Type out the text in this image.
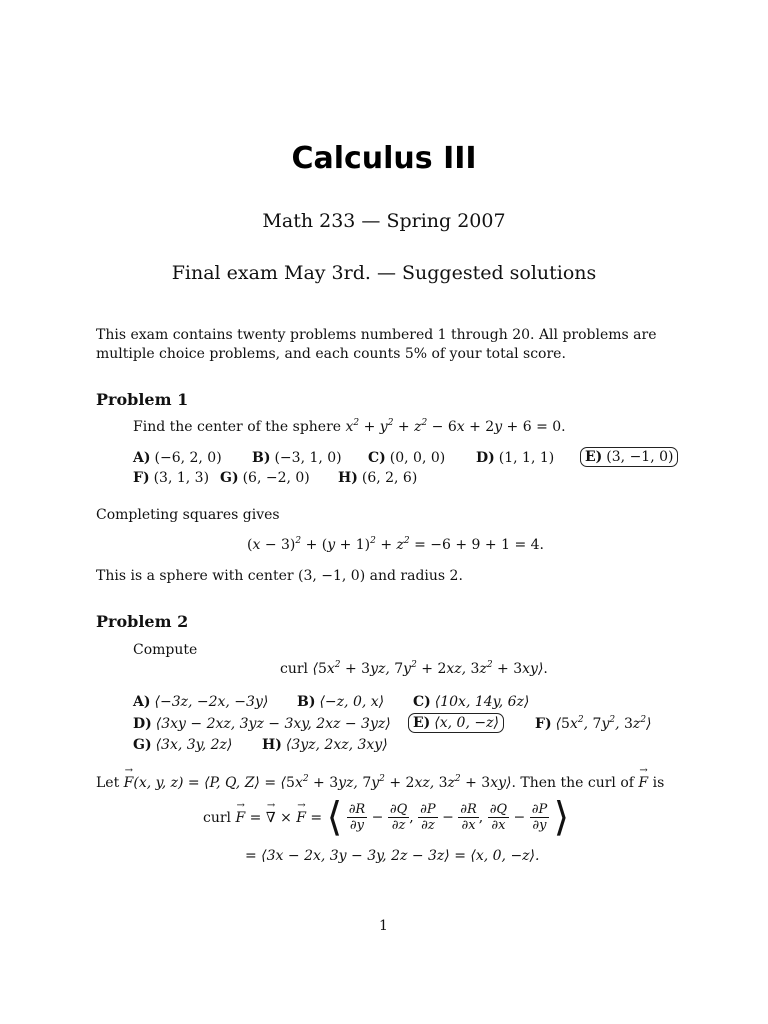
Calculus III
Math 233 — Spring 2007
Final exam May 3rd. — Suggested solutions
This exam contains twenty problems numbered 1 through 20. All problems are multiple choice problems, and each counts 5% of your total score.
Problem 1
Find the center of the sphere $x^2 + y^2 + z^2 - 6x + 2y + 6 = 0$.
A) (−6, 2, 0) B) (−3, 1, 0) C) (0, 0, 0) D) (1, 1, 1)	E) (3, −1, 0)
F) (3, 1, 3) G) (6, −2, 0) H) (6, 2, 6)
Completing squares gives
$(x - 3)^2 + (y + 1)^2 + z^2 = -6 + 9 + 1 = 4$.
This is a sphere with center (3, −1, 0) and radius 2.
Problem 2
Compute
curl $⟨5x^2 + 3yz$, $7y^2 + 2xz$, $3z^2$ + 3xy⟩.
A) ⟨−3z, −2x, −3y⟩ B) ⟨−z, 0, x⟩ C) ⟨10x, 14y, 6z⟩
D) ⟨3xy − 2xz, 3yz − 3xy, 2xz − 3yz⟩	E) ⟨x, 0, −z⟩	F) $⟨5x^2$, $7y^2$, $3z^2⟩$
G) ⟨3x, 3y, 2z⟩ H) ⟨3yz, 2xz, 3xy⟩
Let → F(x, y, z) = ⟨P, Q, Z⟩ = $⟨5x^2 + 3yz$, $7y^2 + 2xz$, $3z^2$ + 3xy⟩. Then the curl of → F is
curl → F = → ∇ × → F = ⟨ $\frac{\partial R}{\partial y} - \frac{\partial Q}{\partial z}$ , $\frac{\partial P}{\partial z} - \frac{\partial R}{\partial x}$ , $\frac{\partial Q}{\partial x} - \frac{\partial P}{\partial y}$ ⟩
= ⟨3x − 2x, 3y − 3y, 2z − 3z⟩ = ⟨x, 0, −z⟩.
1
